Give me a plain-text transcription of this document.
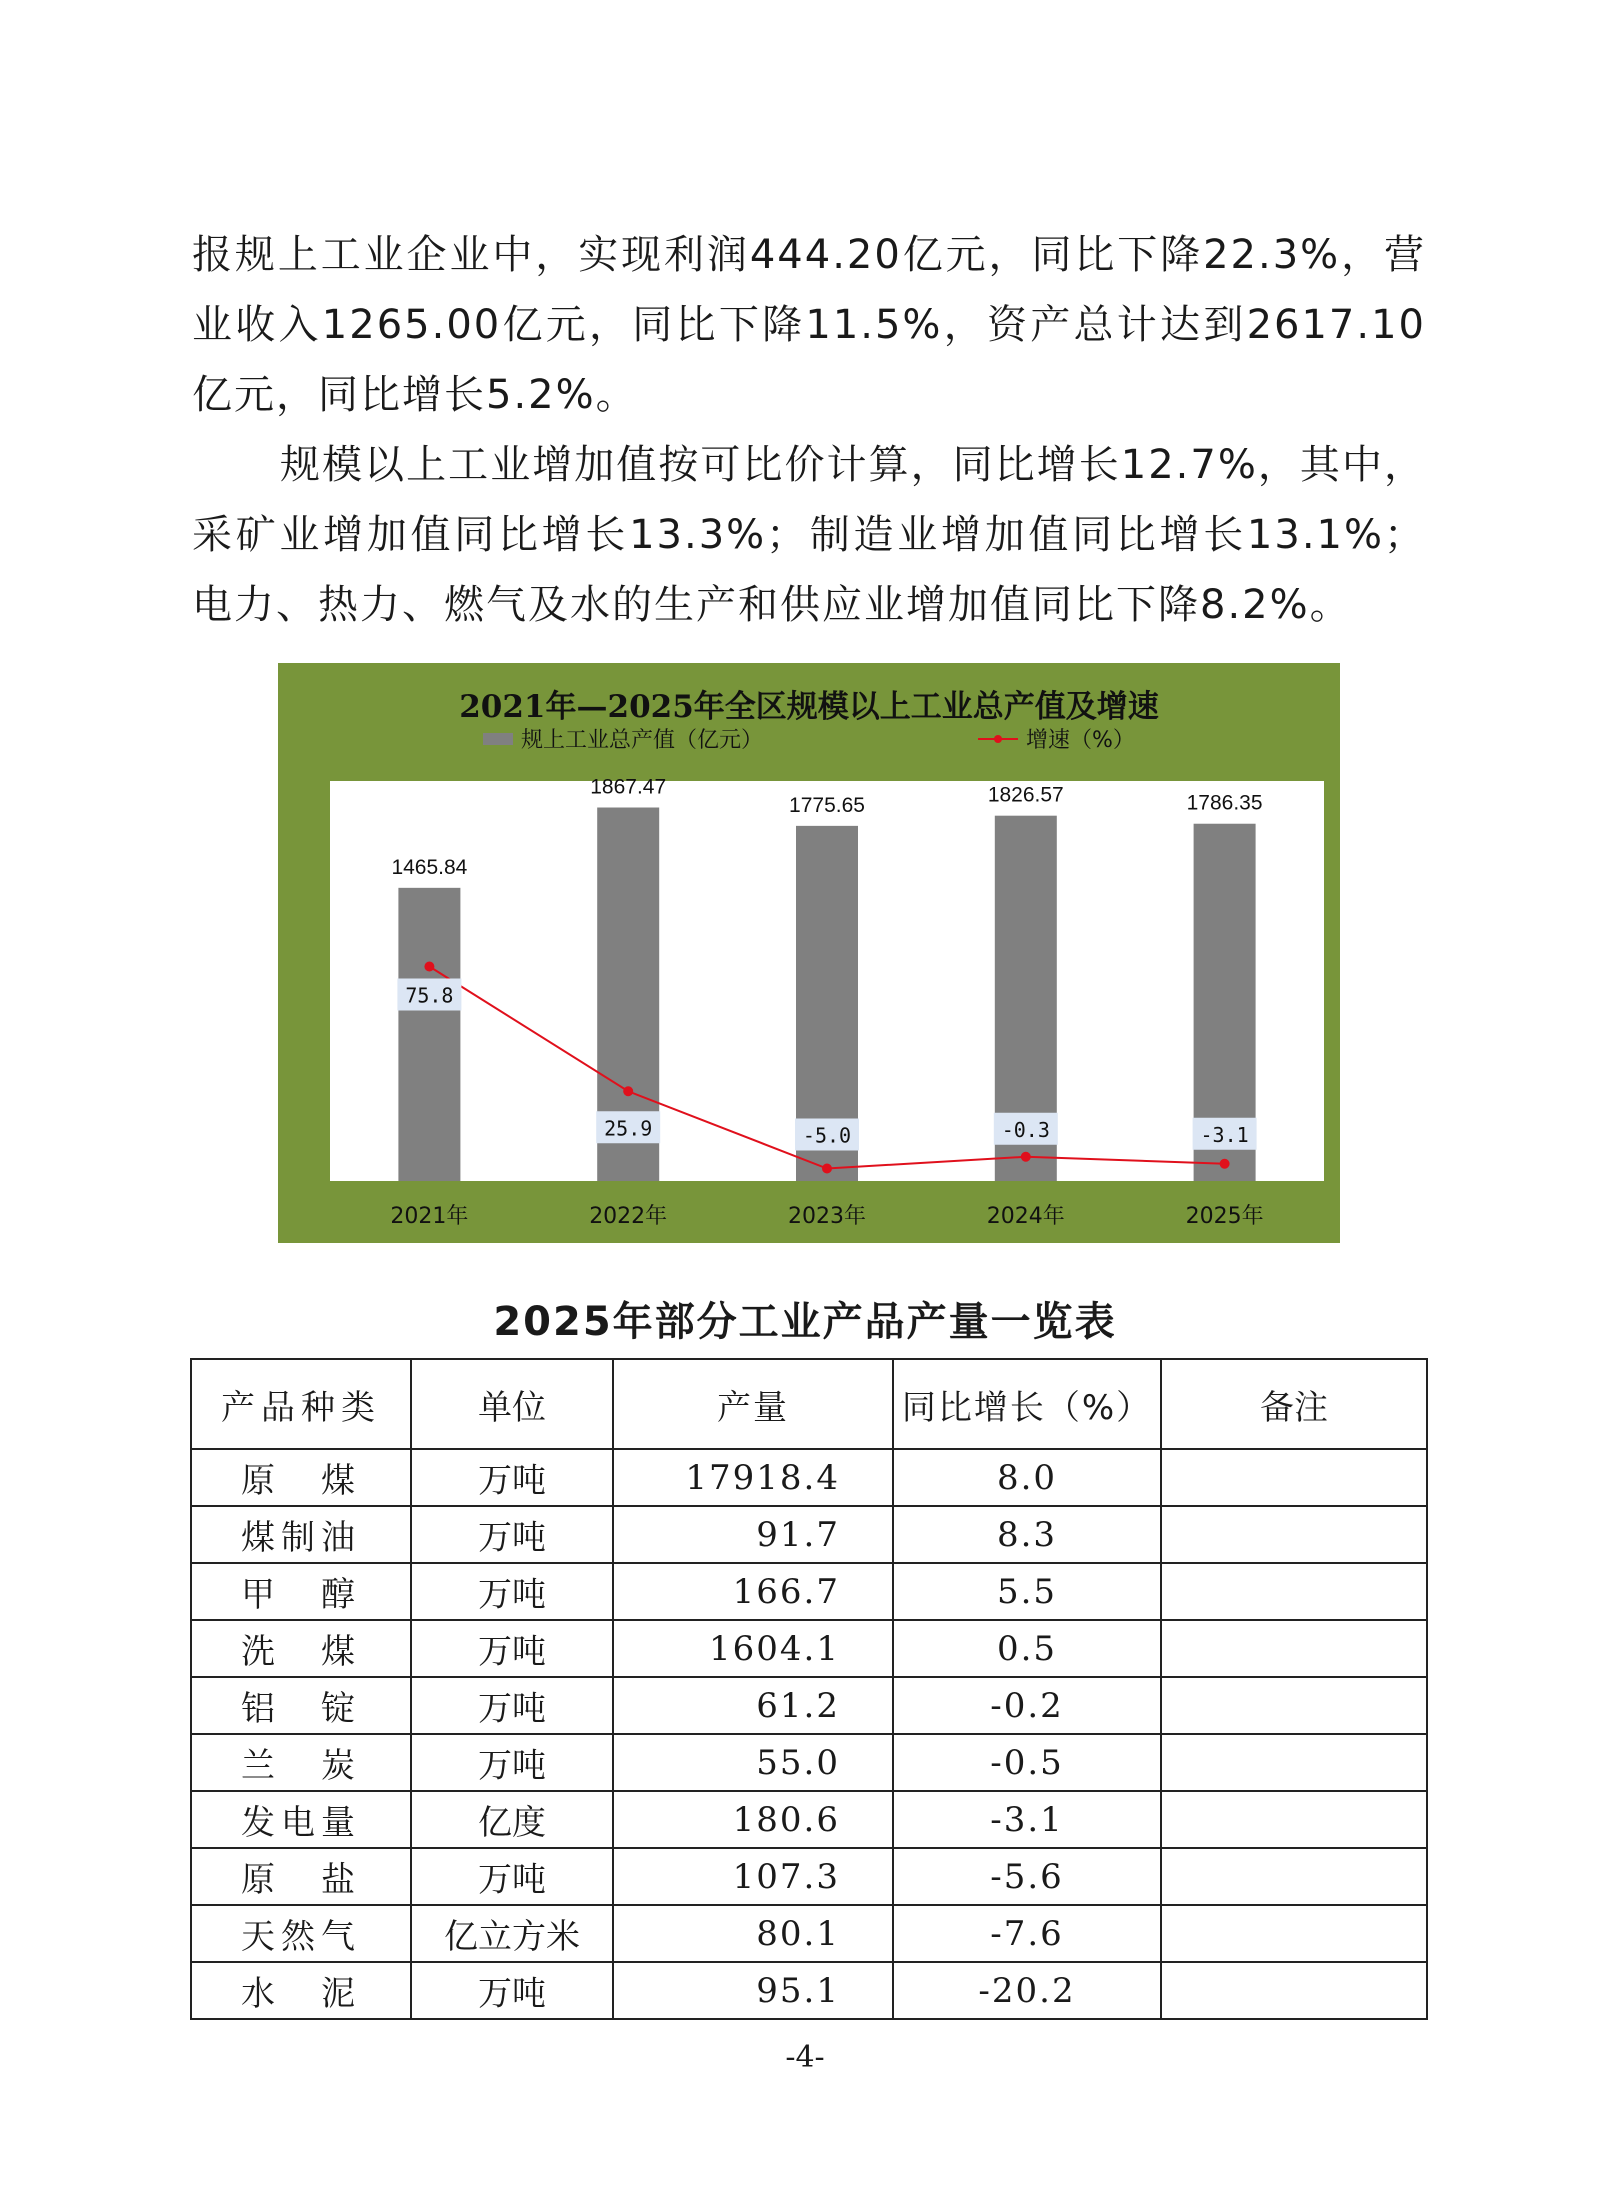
报规上工业企业中，实现利润444.20亿元，同比下降22.3%，营业收入1265.00亿元，同比下降11.5%，资产总计达到2617.10亿元，同比增长5.2%。
规模以上工业增加值按可比价计算，同比增长12.7%，其中，采矿业增加值同比增长13.3%；制造业增加值同比增长13.1%；电力、热力、燃气及水的生产和供应业增加值同比下降8.2%。
2021年—2025年全区规模以上工业总产值及增速
规上工业总产值（亿元）	增速（%）
1465.84
2021年
1867.47
2022年
1775.65
2023年
1826.57
2024年
1786.35
2025年
75.8
25.9	-5.0	-0.3	-3.1
2025年部分工业产品产量一览表
产品种类	单位	产量	同比增长（%）	备注
原　煤	万吨	17918.4	8.0	
煤制油	万吨	91.7	8.3	
甲　醇	万吨	166.7	5.5	
洗　煤	万吨	1604.1	0.5	
铝　锭	万吨	61.2	-0.2	
兰　炭	万吨	55.0	-0.5	
发电量	亿度	180.6	-3.1	
原　盐	万吨	107.3	-5.6	
天然气	亿立方米	80.1	-7.6	
水　泥	万吨	95.1	-20.2	
-4-
